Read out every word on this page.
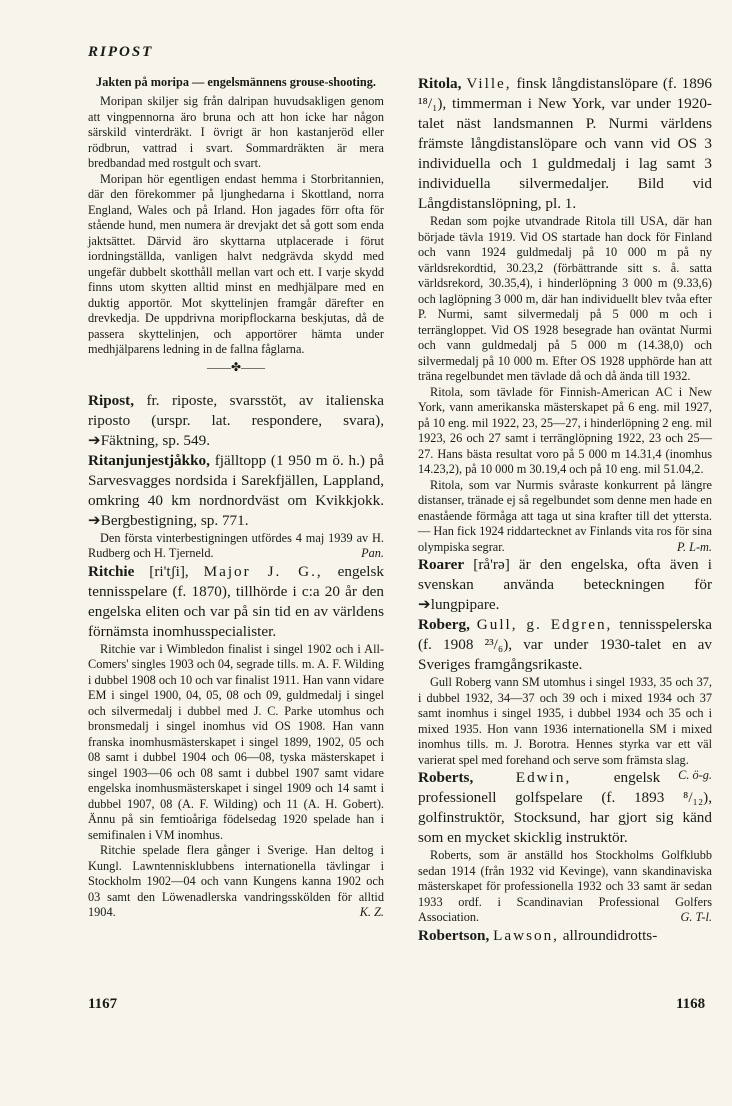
RIPOST

Jakten på moripa — engelsmännens grouse-shooting.

Moripan skiljer sig från dalripan huvudsakligen genom att vingpennorna äro bruna och att hon icke har någon särskild vinterdräkt. I övrigt är hon kastanjeröd eller rödbrun, vattrad i svart. Sommardräkten är mera bredbandad med rostgult och svart.

Moripan hör egentligen endast hemma i Storbritannien, där den förekommer på ljunghedarna i Skottland, norra England, Wales och på Irland. Hon jagades förr ofta för stående hund, men numera är drevjakt det så gott som enda jaktsättet. Därvid äro skyttarna utplacerade i förut iordningställda, vanligen halvt nedgrävda skydd med ungefär dubbelt skotthåll mellan vart och ett. I varje skydd finns utom skytten alltid minst en medhjälpare med en duktig apportör. Mot skyttelinjen framgår därefter en drevkedja. De uppdrivna moripflockarna beskjutas, då de passera skyttelinjen, och apportörer hämta under medhjälparens ledning in de fallna fåglarna.

——✤——

Ripost, fr. riposte, svarsstöt, av italienska riposto (urspr. lat. respondere, svara), ➔Fäktning, sp. 549.

Ritanjunjestjåkko, fjälltopp (1 950 m ö. h.) på Sarvesvagges nordsida i Sarekfjällen, Lappland, omkring 40 km nordnordväst om Kvikkjokk. ➔Bergbestigning, sp. 771.

Den första vinterbestigningen utfördes 4 maj 1939 av H. Rudberg och H. Tjerneld.	Pan.

Ritchie [ri'tʃi], Major J. G., engelsk tennisspelare (f. 1870), tillhörde i c:a 20 år den engelska eliten och var på sin tid en av världens förnämsta inomhusspecialister.

Ritchie var i Wimbledon finalist i singel 1902 och i All-Comers' singles 1903 och 04, segrade tills. m. A. F. Wilding i dubbel 1908 och 10 och var finalist 1911. Han vann vidare EM i singel 1900, 04, 05, 08 och 09, guldmedalj i singel och silvermedalj i dubbel med J. C. Parke utomhus och bronsmedalj i singel inomhus vid OS 1908. Han vann franska inomhusmästerskapet i singel 1899, 1902, 05 och 08 samt i dubbel 1904 och 06—08, tyska mästerskapet i singel 1903—06 och 08 samt i dubbel 1907 samt vidare engelska inomhusmästerskapet i singel 1909 och 14 samt i dubbel 1907, 08 (A. F. Wilding) och 11 (A. H. Gobert). Ännu på sin femtioåriga födelsedag 1920 spelade han i semifinalen i VM inomhus.

Ritchie spelade flera gånger i Sverige. Han deltog i Kungl. Lawntennisklubbens internationella tävlingar i Stockholm 1902—04 och vann Kungens kanna 1902 och 03 samt den Löwenadlerska vandringsskölden för alltid 1904.	K. Z.

Ritola, Ville, finsk långdistanslöpare (f. 1896 ¹⁸/₁), timmerman i New York, var under 1920-talet näst landsmannen P. Nurmi världens främste långdistanslöpare och vann vid OS 3 individuella och 1 guldmedalj i lag samt 3 individuella silvermedaljer. Bild vid Långdistanslöpning, pl. 1.

Redan som pojke utvandrade Ritola till USA, där han började tävla 1919. Vid OS startade han dock för Finland och vann 1924 guldmedalj på 10 000 m på ny världsrekordtid, 30.23,2 (förbättrande sitt s. å. satta världsrekord, 30.35,4), i hinderlöpning 3 000 m (9.33,6) och laglöpning 3 000 m, där han individuellt blev tvåa efter P. Nurmi, samt silvermedalj på 5 000 m och i terrängloppet. Vid OS 1928 besegrade han oväntat Nurmi och vann guldmedalj på 5 000 m (14.38,0) och silvermedalj på 10 000 m. Efter OS 1928 upphörde han att träna regelbundet men tävlade då och då ända till 1932.

Ritola, som tävlade för Finnish-American AC i New York, vann amerikanska mästerskapet på 6 eng. mil 1927, på 10 eng. mil 1922, 23, 25—27, i hinderlöpning 2 eng. mil 1923, 26 och 27 samt i terränglöpning 1922, 23 och 25—27. Hans bästa resultat voro på 5 000 m 14.31,4 (inomhus 14.23,2), på 10 000 m 30.19,4 och på 10 eng. mil 51.04,2.

Ritola, som var Nurmis svåraste konkurrent på längre distanser, tränade ej så regelbundet som denne men hade en enastående förmåga att taga ut sina krafter till det yttersta. — Han fick 1924 riddartecknet av Finlands vita ros för sina olympiska segrar.	P. L-m.

Roarer [rå'rə] är den engelska, ofta även i svenskan använda beteckningen för ➔lungpipare.

Roberg, Gull, g. Edgren, tennisspelerska (f. 1908 ²³/₆), var under 1930-talet en av Sveriges framgångsrikaste.

Gull Roberg vann SM utomhus i singel 1933, 35 och 37, i dubbel 1932, 34—37 och 39 och i mixed 1934 och 37 samt inomhus i singel 1935, i dubbel 1934 och 35 och i mixed 1935. Hon vann 1936 internationella SM i mixed inomhus tills. m. J. Borotra. Hennes styrka var ett väl varierat spel med forehand och serve som främsta slag.
C. ö-g.

Roberts,	Edwin,	engelsk professionell golfspelare (f. 1893 ⁸/₁₂), golfinstruktör, Stocksund, har gjort sig känd som en mycket skicklig instruktör.

Roberts, som är anställd hos Stockholms Golfklubb sedan 1914 (från 1932 vid Kevinge), vann skandinaviska mästerskapet för professionella 1932 och 33 samt är sedan 1933 ordf. i Scandinavian Professional Golfers Association.	G. T-l.

Robertson, Lawson, allroundidrotts-

1167	1168
